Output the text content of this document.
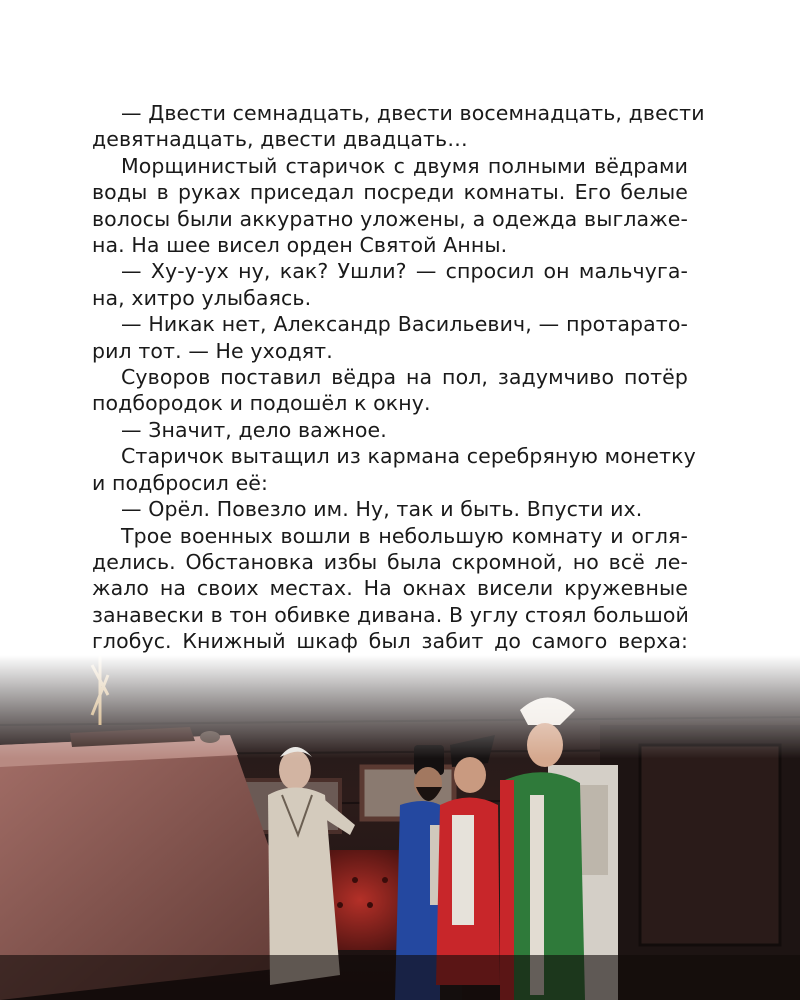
— Двести семнадцать, двести восемнадцать, двести
девятнадцать, двести двадцать…
Морщинистый старичок с двумя полными вёдрами
воды в руках приседал посреди комнаты. Его белые
волосы были аккуратно уложены, а одежда выглаже-
на. На шее висел орден Святой Анны.
— Ху-у-ух ну, как? Ушли? — спросил он мальчуга-
на, хитро улыбаясь.
— Никак нет, Александр Васильевич, — протарато-
рил тот. — Не уходят.
Суворов поставил вёдра на пол, задумчиво потёр
подбородок и подошёл к окну.
— Значит, дело важное.
Старичок вытащил из кармана серебряную монетку
и подбросил её:
— Орёл. Повезло им. Ну, так и быть. Впусти их.
Трое военных вошли в небольшую комнату и огля-
делись. Обстановка избы была скромной, но всё ле-
жало на своих местах. На окнах висели кружевные
занавески в тон обивке дивана. В углу стоял большой
глобус. Книжный шкаф был забит до самого верха:
